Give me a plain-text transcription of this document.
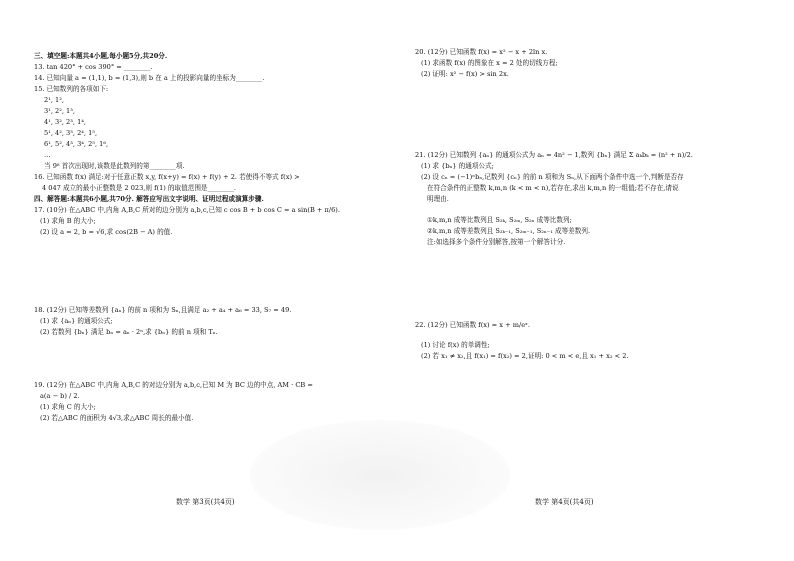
三、填空题:本题共4小题,每小题5分,共20分.
13. tan 420° + cos 390° = ________.
14. 已知向量 a = (1,1), b = (1,3),则 b 在 a 上的投影向量的坐标为________.
15. 已知数列的各项如下:
2¹, 1²,
3¹, 2², 1³,
4¹, 3², 2³, 1⁴,
5¹, 4², 3³, 2⁴, 1⁵,
6¹, 5², 4³, 3⁴, 2⁵, 1⁶,
…
当 9⁸ 首次出现时,该数是此数列的第________项.
16. 已知函数 f(x) 满足:对于任意正数 x,y, f(x+y) = f(x) + f(y) + 2. 若使得不等式 f(x) >
4 047 成立的最小正整数是 2 023,则 f(1) 的取值范围是________.
四、解答题:本题共6小题,共70分. 解答应写出文字说明、证明过程或演算步骤.
17. (10分) 在△ABC 中,内角 A,B,C 所对的边分别为 a,b,c,已知 c cos B + b cos C = a sin(B + π/6).
(1) 求角 B 的大小;
(2) 设 a = 2, b = √6,求 cos(2B − A) 的值.
18. (12分) 已知等差数列 {aₙ} 的前 n 项和为 Sₙ,且满足 a₂ + a₄ + a₆ = 33, S₇ = 49.
(1) 求 {aₙ} 的通项公式;
(2) 若数列 {bₙ} 满足 bₙ = aₙ · 2ⁿ,求 {bₙ} 的前 n 项和 Tₙ.
19. (12分) 在△ABC 中,内角 A,B,C 的对边分别为 a,b,c,已知 M 为 BC 边的中点, AM · CB =
a(a − b) / 2.
(1) 求角 C 的大小;
(2) 若△ABC 的面积为 4√3,求△ABC 周长的最小值.
数学 第3页(共4页)
20. (12分) 已知函数 f(x) = x² − x + 2ln x.
(1) 求函数 f(x) 的图象在 x = 2 处的切线方程;
(2) 证明: x² − f(x) > sin 2x.
21. (12分) 已知数列 {aₙ} 的通项公式为 aₙ = 4n² − 1,数列 {bₙ} 满足 Σ aₖbₖ = (n² + n)/2.
(1) 求 {bₙ} 的通项公式;
(2) 设 cₙ = (−1)ⁿbₙ,记数列 {cₙ} 的前 n 项和为 Sₙ,从下面两个条件中选一个,判断是否存
在符合条件的正整数 k,m,n (k < m < n),若存在,求出 k,m,n 的一组值;若不存在,请说
明理由.
①k,m,n 成等比数列且 S₂ₖ, S₂ₘ, S₂ₙ 成等比数列;
②k,m,n 成等差数列且 S₂ₖ₋₁, S₂ₘ₋₁, S₂ₙ₋₁ 成等差数列.
注:如选择多个条件分别解答,按第一个解答计分.
22. (12分) 已知函数 f(x) = x + m/eˣ.
(1) 讨论 f(x) 的单调性;
(2) 若 x₁ ≠ x₂,且 f(x₁) = f(x₂) = 2,证明: 0 < m < e,且 x₁ + x₂ < 2.
数学 第4页(共4页)
